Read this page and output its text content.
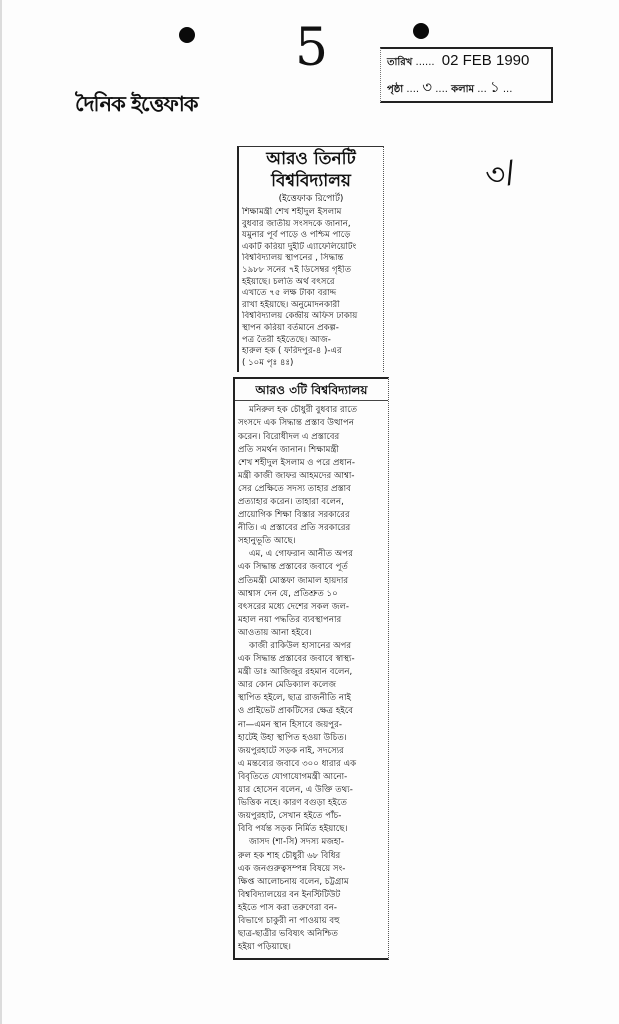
5
৩/
দৈনিক ইত্তেফাক
তারিখ ...... 02 FEB 1990
পৃষ্ঠা .... ৩ .... কলাম ... ১ ...
আরও তিনটি
বিশ্ববিদ্যালয়
(ইত্তেফাক রিপোর্ট)
শিক্ষামন্ত্রী শেখ শহীদুল ইসলাম
বুধবার জাতীয় সংসদকে জানান,
যমুনার পূর্ব পাড়ে ও পশ্চিম পাড়ে
একটি করিয়া দুইটি এ্যাফেলিয়েটিং
বিশ্ববিদ্যালয় স্থাপনের , সিদ্ধান্ত
১৯৮৮ সনের ৭ই ডিসেম্বর গৃহীত
হইয়াছে। চলতি অর্থ বৎসরে
এখাতে ৭৫ লক্ষ টাকা বরাদ্দ
রাখা হইয়াছে। অনুমোদনকারী
বিশ্ববিদ্যালয় কেন্দ্রীয় অফিস ঢাকায়
স্থাপন করিয়া বর্তমানে প্রকল্প-
পত্র তৈরী হইতেছে। আজ-
হারুল হক ( ফরিদপুর-৪ )-এর
( ১০ম পৃঃ ৪ঃ)
আরও ৩টি বিশ্ববিদ্যালয়
মনিরুল হক চৌধুরী বুধবার রাতে
সংসদে এক সিদ্ধান্ত প্রস্তাব উত্থাপন
করেন। বিরোধীদল এ প্রস্তাবের
প্রতি সমর্থন জানান। শিক্ষামন্ত্রী
শেখ শহীদুল ইসলাম ও পরে প্রধান-
মন্ত্রী কাজী জাফর আহমদের আশ্বা-
সের প্রেক্ষিতে সদস্য তাহার প্রস্তাব
প্রত্যাহার করেন। তাহারা বলেন,
প্রায়োগিক শিক্ষা বিস্তার সরকারের
নীতি। এ প্রস্তাবের প্রতি সরকারের
সহানুভূতি আছে।
এম, এ গোফরান আনীত অপর
এক সিদ্ধান্ত প্রস্তাবের জবাবে পূর্ত
প্রতিমন্ত্রী মোস্তফা জামাল হায়দার
আশ্বাস দেন যে, প্রতিশ্রুত ১০
বৎসরের মধ্যে দেশের সকল জল-
মহাল নয়া পদ্ধতির ব্যবস্থাপনার
আওতায় আনা হইবে।
কাজী রাকিউল হাসানের অপর
এক সিদ্ধান্ত প্রস্তাবের জবাবে স্বাস্থ্য-
মন্ত্রী ডাঃ আজিজুর রহমান বলেন,
আর কোন মেডিক্যাল কলেজ
স্থাপিত হইলে, ছাত্র রাজনীতি নাই
ও প্রাইভেট প্রাকটিসের ক্ষেত্র হইবে
না—এমন স্থান হিসাবে জয়পুর-
হাটেই উহা স্থাপিত হওয়া উচিত।
জয়পুরহাটে সড়ক নাই, সদস্যের
এ মন্তব্যের জবাবে ৩০০ ধারার এক
বিবৃতিতে যোগাযোগমন্ত্রী আনো-
য়ার হোসেন বলেন, এ উক্তি তথ্য-
ভিত্তিক নহে। কারণ বগুড়া হইতে
জয়পুরহাট, সেখান হইতে পাঁচ-
বিবি পর্যন্ত সড়ক নির্মিত হইয়াছে।
জাসদ (শা-সি) সদস্য মজহা-
রুল হক শাহ চৌধুরী ৬৮ বিধির
এক জনগুরুত্বসম্পন্ন বিষয়ে সং-
ক্ষিপ্ত আলোচনায় বলেন, চট্টগ্রাম
বিশ্ববিদ্যালয়ের বন ইনস্টিটিউট
হইতে পাস করা তরুণেরা বন-
বিভাগে চাকুরী না পাওয়ায় বহু
ছাত্র-ছাত্রীর ভবিষ্যৎ অনিশ্চিত
হইয়া পড়িয়াছে।
